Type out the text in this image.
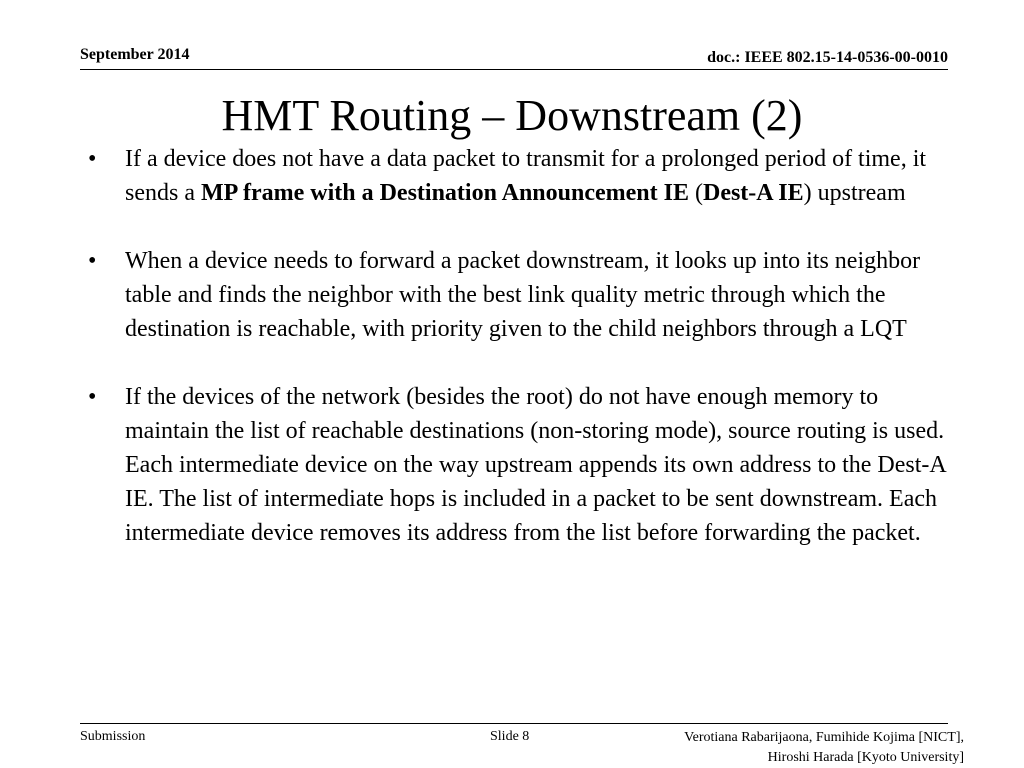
September 2014	doc.: IEEE 802.15-14-0536-00-0010
HMT Routing – Downstream (2)
•	If a device does not have a data packet to transmit for a prolonged period of time, it sends a MP frame with a Destination Announcement IE (Dest-A IE) upstream
•	When a device needs to forward a packet downstream, it looks up into its neighbor table and finds the neighbor with the best link quality metric through which the destination is reachable, with priority given to the child neighbors through a LQT
•	If the devices of the network (besides the root) do not have enough memory to maintain the list of reachable destinations (non-storing mode), source routing is used. Each intermediate device on the way upstream appends its own address to the Dest-A IE. The list of intermediate hops is included in a packet to be sent downstream. Each intermediate device removes its address from the list before forwarding the packet.
Submission	Slide 8	Verotiana Rabarijaona, Fumihide Kojima [NICT],
Hiroshi Harada [Kyoto University]
